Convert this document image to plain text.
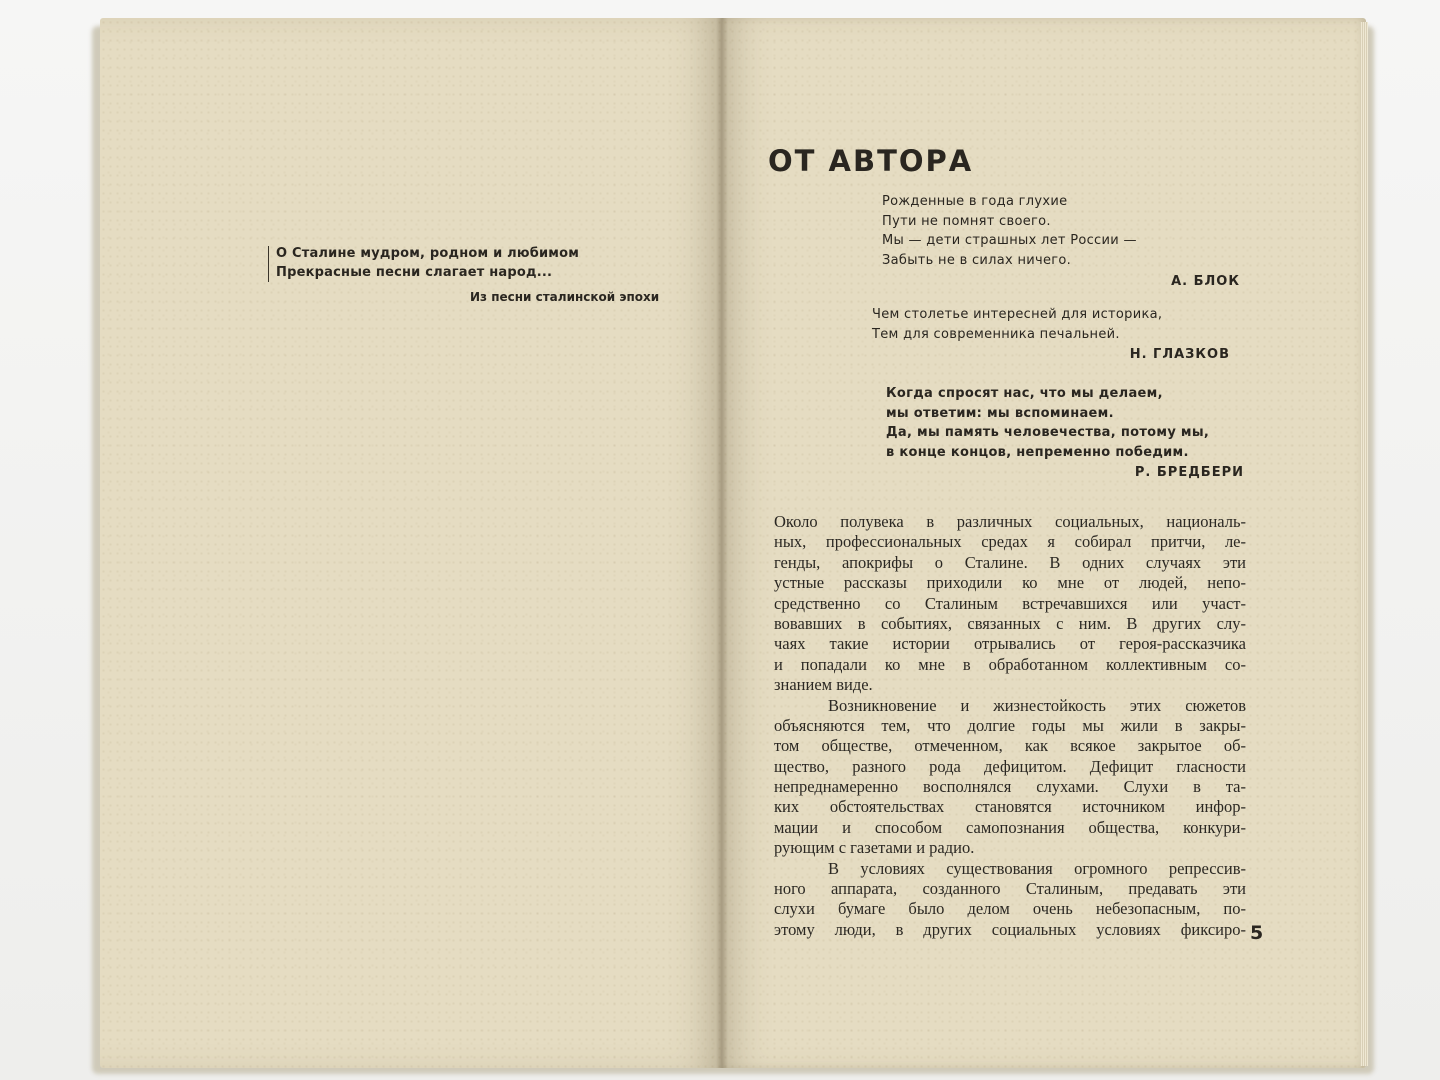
О Сталине мудром, родном и любимом
Прекрасные песни слагает народ...
Из песни сталинской эпохи
ОТ АВТОРА
Рожденные в года глухие
Пути не помнят своего.
Мы — дети страшных лет России —
Забыть не в силах ничего.
А. БЛОК
Чем столетье интересней для историка,
Тем для современника печальней.
Н. ГЛАЗКОВ
Когда спросят нас, что мы делаем,
мы ответим: мы вспоминаем.
Да, мы память человечества, потому мы,
в конце концов, непременно победим.
Р. БРЕДБЕРИ
Около полувека в различных социальных, националь-
ных, профессиональных средах я собирал притчи, ле-
генды, апокрифы о Сталине. В одних случаях эти
устные рассказы приходили ко мне от людей, непо-
средственно со Сталиным встречавшихся или участ-
вовавших в событиях, связанных с ним. В других слу-
чаях такие истории отрывались от героя-рассказчика
и попадали ко мне в обработанном коллективным со-
знанием виде.
Возникновение и жизнестойкость этих сюжетов
объясняются тем, что долгие годы мы жили в закры-
том обществе, отмеченном, как всякое закрытое об-
щество, разного рода дефицитом. Дефицит гласности
непреднамеренно восполнялся слухами. Слухи в та-
ких обстоятельствах становятся источником инфор-
мации и способом самопознания общества, конкури-
рующим с газетами и радио.
В условиях существования огромного репрессив-
ного аппарата, созданного Сталиным, предавать эти
слухи бумаге было делом очень небезопасным, по-
этому люди, в других социальных условиях фиксиро- 5
